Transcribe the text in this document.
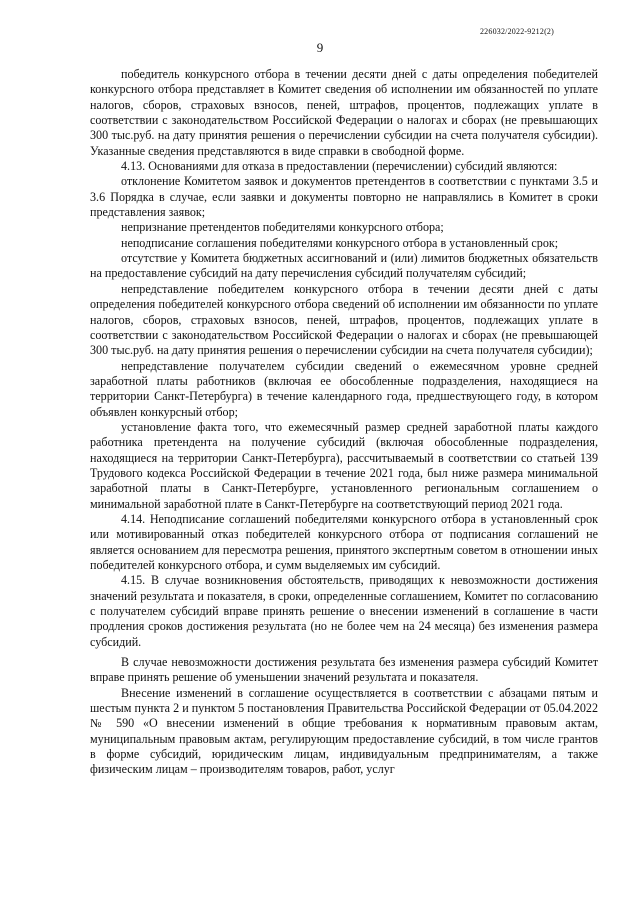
226032/2022-9212(2)
9

победитель конкурсного отбора в течении десяти дней с даты определения победителей конкурсного отбора представляет в Комитет сведения об исполнении им обязанностей по уплате налогов, сборов, страховых взносов, пеней, штрафов, процентов, подлежащих уплате в соответствии с законодательством Российской Федерации о налогах и сборах (не превышающих 300 тыс.руб. на дату принятия решения о перечислении субсидии на счета получателя субсидии). Указанные сведения представляются в виде справки в свободной форме.

4.13. Основаниями для отказа в предоставлении (перечислении) субсидий являются:

отклонение Комитетом заявок и документов претендентов в соответствии с пунктами 3.5 и 3.6 Порядка в случае, если заявки и документы повторно не направлялись в Комитет в сроки представления заявок;

непризнание претендентов победителями конкурсного отбора;

неподписание соглашения победителями конкурсного отбора в установленный срок;

отсутствие у Комитета бюджетных ассигнований и (или) лимитов бюджетных обязательств на предоставление субсидий на дату перечисления субсидий получателям субсидий;

непредставление победителем конкурсного отбора в течении десяти дней с даты определения победителей конкурсного отбора сведений об исполнении им обязанности по уплате налогов, сборов, страховых взносов, пеней, штрафов, процентов, подлежащих уплате в соответствии с законодательством Российской Федерации о налогах и сборах (не превышающей 300 тыс.руб. на дату принятия решения о перечислении субсидии на счета получателя субсидии);

непредставление получателем субсидии сведений о ежемесячном уровне средней заработной платы работников (включая ее обособленные подразделения, находящиеся на территории Санкт-Петербурга) в течение календарного года, предшествующего году, в котором объявлен конкурсный отбор;

установление факта того, что ежемесячный размер средней заработной платы каждого работника претендента на получение субсидий (включая обособленные подразделения, находящиеся на территории Санкт-Петербурга), рассчитываемый в соответствии со статьей 139 Трудового кодекса Российской Федерации в течение 2021 года, был ниже размера минимальной заработной платы в Санкт-Петербурге, установленного региональным соглашением о минимальной заработной плате в Санкт-Петербурге на соответствующий период 2021 года.

4.14. Неподписание соглашений победителями конкурсного отбора в установленный срок или мотивированный отказ победителей конкурсного отбора от подписания соглашений не является основанием для пересмотра решения, принятого экспертным советом в отношении иных победителей конкурсного отбора, и сумм выделяемых им субсидий.

4.15. В случае возникновения обстоятельств, приводящих к невозможности достижения значений результата и показателя, в сроки, определенные соглашением, Комитет по согласованию с получателем субсидий вправе принять решение о внесении изменений в соглашение в части продления сроков достижения результата (но не более чем на 24 месяца) без изменения размера субсидий.

В случае невозможности достижения результата без изменения размера субсидий Комитет вправе принять решение об уменьшении значений результата и показателя.

Внесение изменений в соглашение осуществляется в соответствии с абзацами пятым и шестым пункта 2 и пунктом 5 постановления Правительства Российской Федерации от 05.04.2022 № 590 «О внесении изменений в общие требования к нормативным правовым актам, муниципальным правовым актам, регулирующим предоставление субсидий, в том числе грантов в форме субсидий, юридическим лицам, индивидуальным предпринимателям, а также физическим лицам – производителям товаров, работ, услуг
